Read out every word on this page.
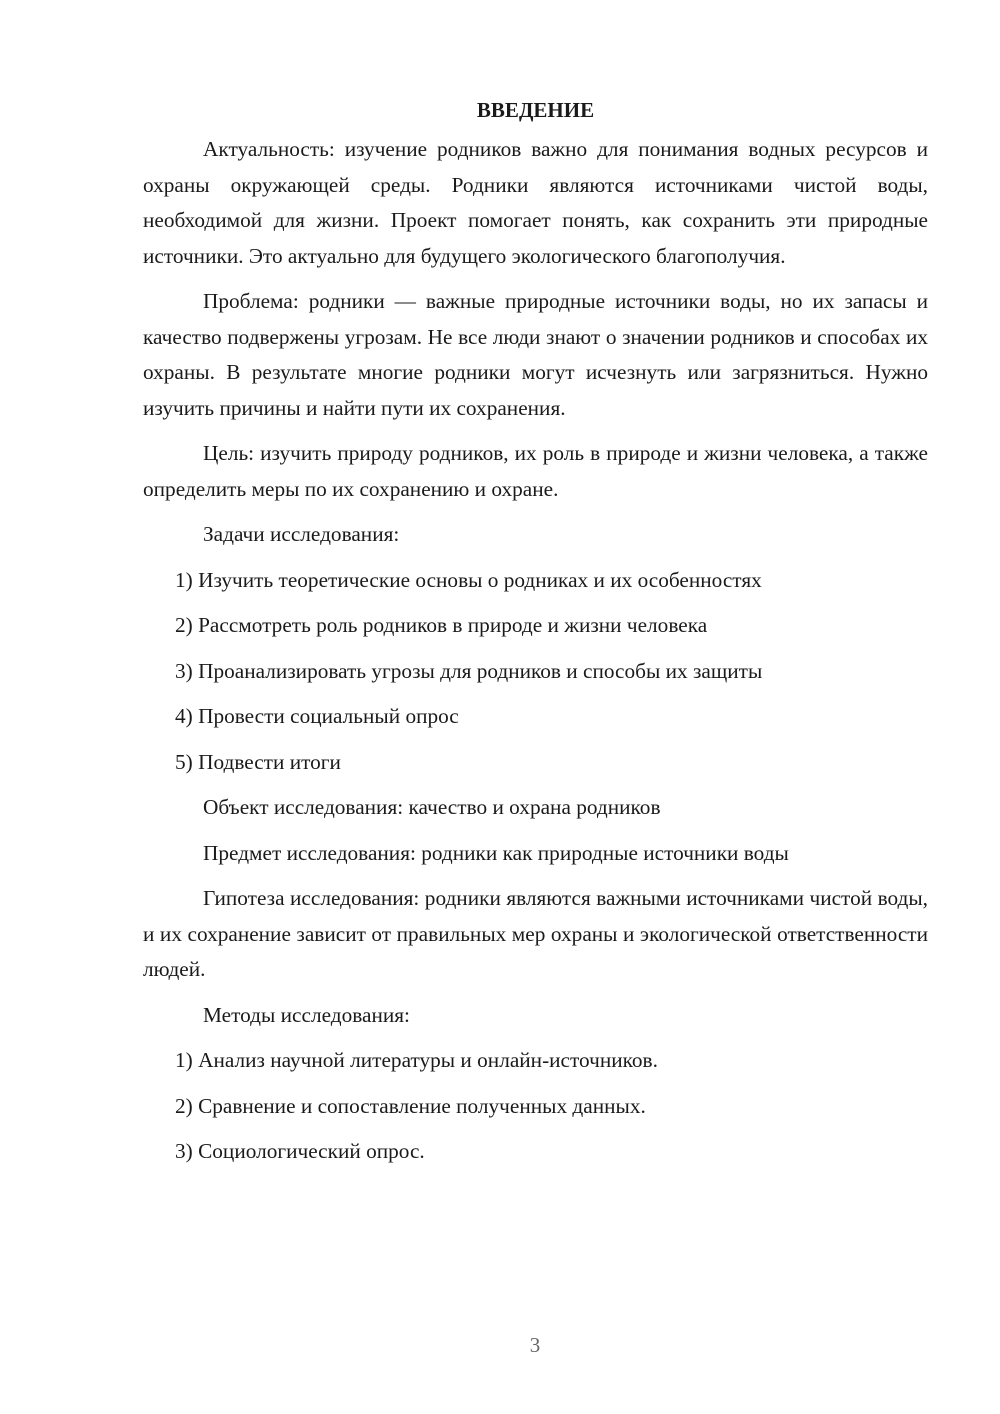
ВВЕДЕНИЕ

Актуальность: изучение родников важно для понимания водных ресурсов и охраны окружающей среды. Родники являются источниками чистой воды, необходимой для жизни. Проект помогает понять, как сохранить эти природные источники. Это актуально для будущего экологического благополучия.

Проблема: родники — важные природные источники воды, но их запасы и качество подвержены угрозам. Не все люди знают о значении родников и способах их охраны. В результате многие родники могут исчезнуть или загрязниться. Нужно изучить причины и найти пути их сохранения.

Цель: изучить природу родников, их роль в природе и жизни человека, а также определить меры по их сохранению и охране.

Задачи исследования:
1) Изучить теоретические основы о родниках и их особенностях
2) Рассмотреть роль родников в природе и жизни человека
3) Проанализировать угрозы для родников и способы их защиты
4) Провести социальный опрос
5) Подвести итоги
Объект исследования: качество и охрана родников
Предмет исследования: родники как природные источники воды

Гипотеза исследования: родники являются важными источниками чистой воды, и их сохранение зависит от правильных мер охраны и экологической ответственности людей.

Методы исследования:
1) Анализ научной литературы и онлайн-источников.
2) Сравнение и сопоставление полученных данных.
3) Социологический опрос.
3
